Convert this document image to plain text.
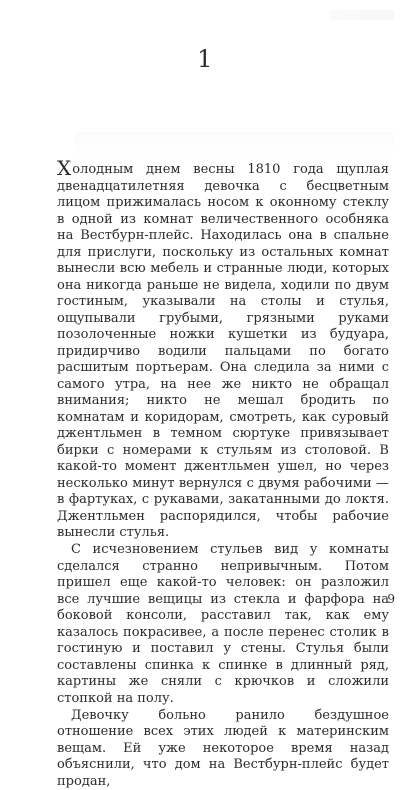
1

Холодным днем весны 1810 года щуплая двенадцатилетняя девочка с бесцветным лицом прижималась носом к оконному стеклу в одной из комнат величественного особняка на Вестбурн-плейс. Находилась она в спальне для прислуги, поскольку из остальных комнат вынесли всю мебель и странные люди, которых она никогда раньше не видела, ходили по двум гостиным, указывали на столы и стулья, ощупывали грубыми, грязными руками позолоченные ножки кушетки из будуара, придирчиво водили пальцами по богато расшитым портьерам. Она следила за ними с самого утра, на нее же никто не обращал внимания; никто не мешал бродить по комнатам и коридорам, смотреть, как суровый джентльмен в темном сюртуке привязывает бирки с номерами к стульям из столовой. В какой-то момент джентльмен ушел, но через несколько минут вернулся с двумя рабочими — в фартуках, с рукавами, закатанными до локтя. Джентльмен распорядился, чтобы рабочие вынесли стулья.

С исчезновением стульев вид у комнаты сделался странно непривычным. Потом пришел еще какой-то человек: он разложил все лучшие вещицы из стекла и фарфора на боковой консоли, расставил так, как ему казалось покрасивее, а после перенес столик в гостиную и поставил у стены. Стулья были составлены спинка к спинке в длинный ряд, картины же сняли с крючков и сложили стопкой на полу.

Девочку больно ранило бездушное отношение всех этих людей к материнским вещам. Ей уже некоторое время назад объяснили, что дом на Вестбурн-плейс будет продан,

9
